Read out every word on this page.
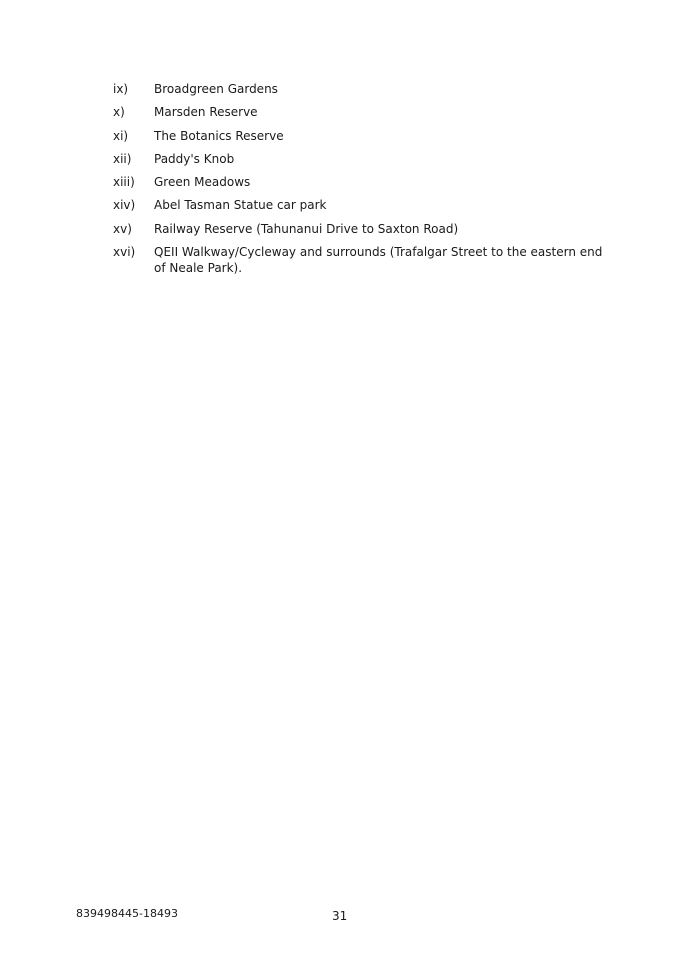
ix)	Broadgreen Gardens
x)	Marsden Reserve
xi)	The Botanics Reserve
xii)	Paddy's Knob
xiii)	Green Meadows
xiv)	Abel Tasman Statue car park
xv)	Railway Reserve (Tahunanui Drive to Saxton Road)
xvi)	QEII Walkway/Cycleway and surrounds (Trafalgar Street to the eastern end of Neale Park).
839498445-18493	31
